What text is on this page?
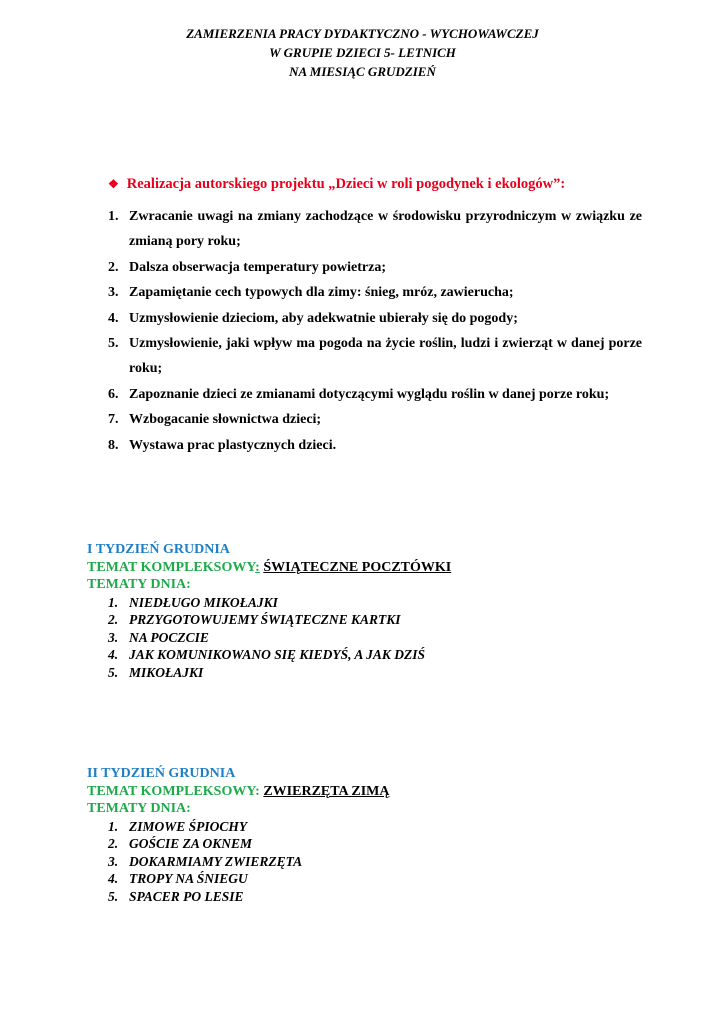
ZAMIERZENIA PRACY DYDAKTYCZNO - WYCHOWAWCZEJ
W GRUPIE DZIECI 5- LETNICH
NA MIESIĄC GRUDZIEŃ
❖ Realizacja autorskiego projektu „Dzieci w roli pogodynek i ekologów”:
1. Zwracanie uwagi na zmiany zachodzące w środowisku przyrodniczym w związku ze zmianą pory roku;
2. Dalsza obserwacja temperatury powietrza;
3. Zapamiętanie cech typowych dla zimy: śnieg, mróz, zawierucha;
4. Uzmysłowienie dzieciom, aby adekwatnie ubierały się do pogody;
5. Uzmysłowienie, jaki wpływ ma pogoda na życie roślin, ludzi i zwierząt w danej porze roku;
6. Zapoznanie dzieci ze zmianami dotyczącymi wyglądu roślin w danej porze roku;
7. Wzbogacanie słownictwa dzieci;
8. Wystawa prac plastycznych dzieci.
I TYDZIEŃ GRUDNIA
TEMAT KOMPLEKSOWY: ŚWIĄTECZNE POCZTÓWKI
TEMATY DNIA:
1. NIEDŁUGO MIKOŁAJKI
2. PRZYGOTOWUJEMY ŚWIĄTECZNE KARTKI
3. NA POCZCIE
4. JAK KOMUNIKOWANO SIĘ KIEDYŚ, A JAK DZIŚ
5. MIKOŁAJKI
II TYDZIEŃ GRUDNIA
TEMAT KOMPLEKSOWY: ZWIERZĘTA ZIMĄ
TEMATY DNIA:
1. ZIMOWE ŚPIOCHY
2. GOŚCIE ZA OKNEM
3. DOKARMIAMY ZWIERZĘTA
4. TROPY NA ŚNIEGU
5. SPACER PO LESIE
